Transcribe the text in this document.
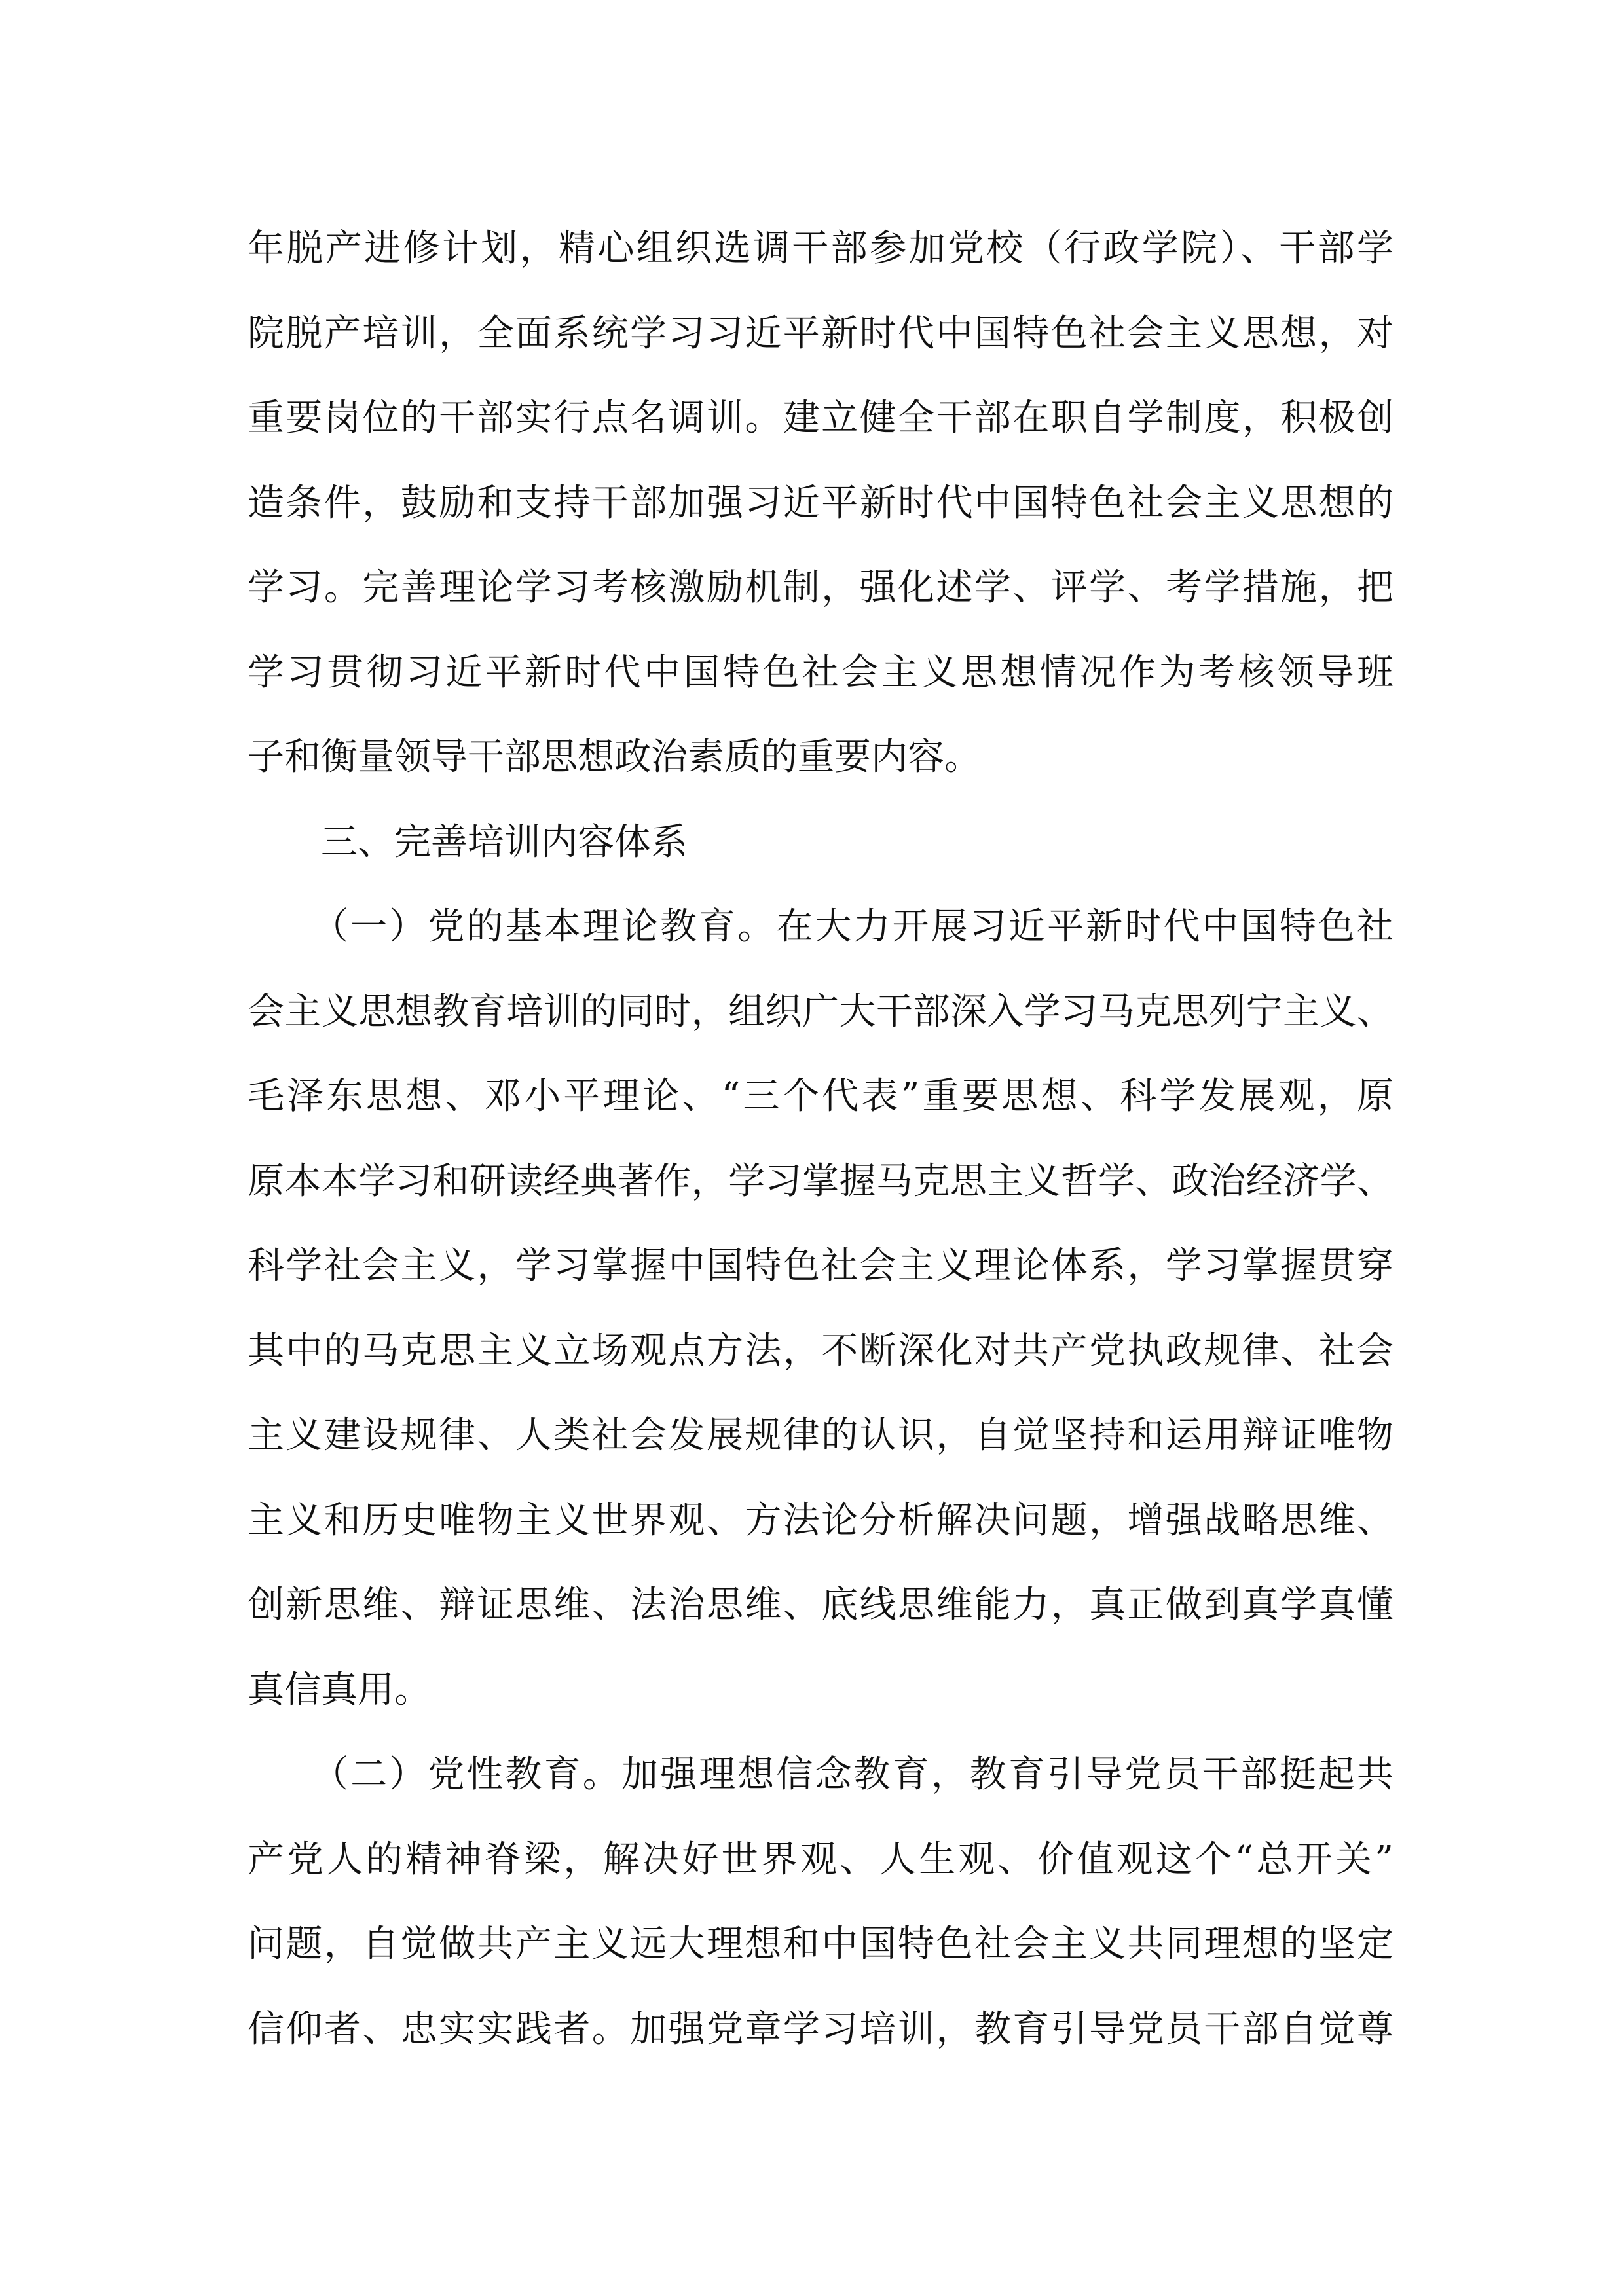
年脱产进修计划，精心组织选调干部参加党校（行政学院）、干部学
院脱产培训，全面系统学习习近平新时代中国特色社会主义思想，对
重要岗位的干部实行点名调训。建立健全干部在职自学制度，积极创
造条件，鼓励和支持干部加强习近平新时代中国特色社会主义思想的
学习。完善理论学习考核激励机制，强化述学、评学、考学措施，把
学习贯彻习近平新时代中国特色社会主义思想情况作为考核领导班
子和衡量领导干部思想政治素质的重要内容。
三、完善培训内容体系
（一）党的基本理论教育。在大力开展习近平新时代中国特色社
会主义思想教育培训的同时，组织广大干部深入学习马克思列宁主义、
毛泽东思想、邓小平理论、“三个代表”重要思想、科学发展观，原
原本本学习和研读经典著作，学习掌握马克思主义哲学、政治经济学、
科学社会主义，学习掌握中国特色社会主义理论体系，学习掌握贯穿
其中的马克思主义立场观点方法，不断深化对共产党执政规律、社会
主义建设规律、人类社会发展规律的认识，自觉坚持和运用辩证唯物
主义和历史唯物主义世界观、方法论分析解决问题，增强战略思维、
创新思维、辩证思维、法治思维、底线思维能力，真正做到真学真懂
真信真用。
（二）党性教育。加强理想信念教育，教育引导党员干部挺起共
产党人的精神脊梁，解决好世界观、人生观、价值观这个“总开关”
问题，自觉做共产主义远大理想和中国特色社会主义共同理想的坚定
信仰者、忠实实践者。加强党章学习培训，教育引导党员干部自觉尊
